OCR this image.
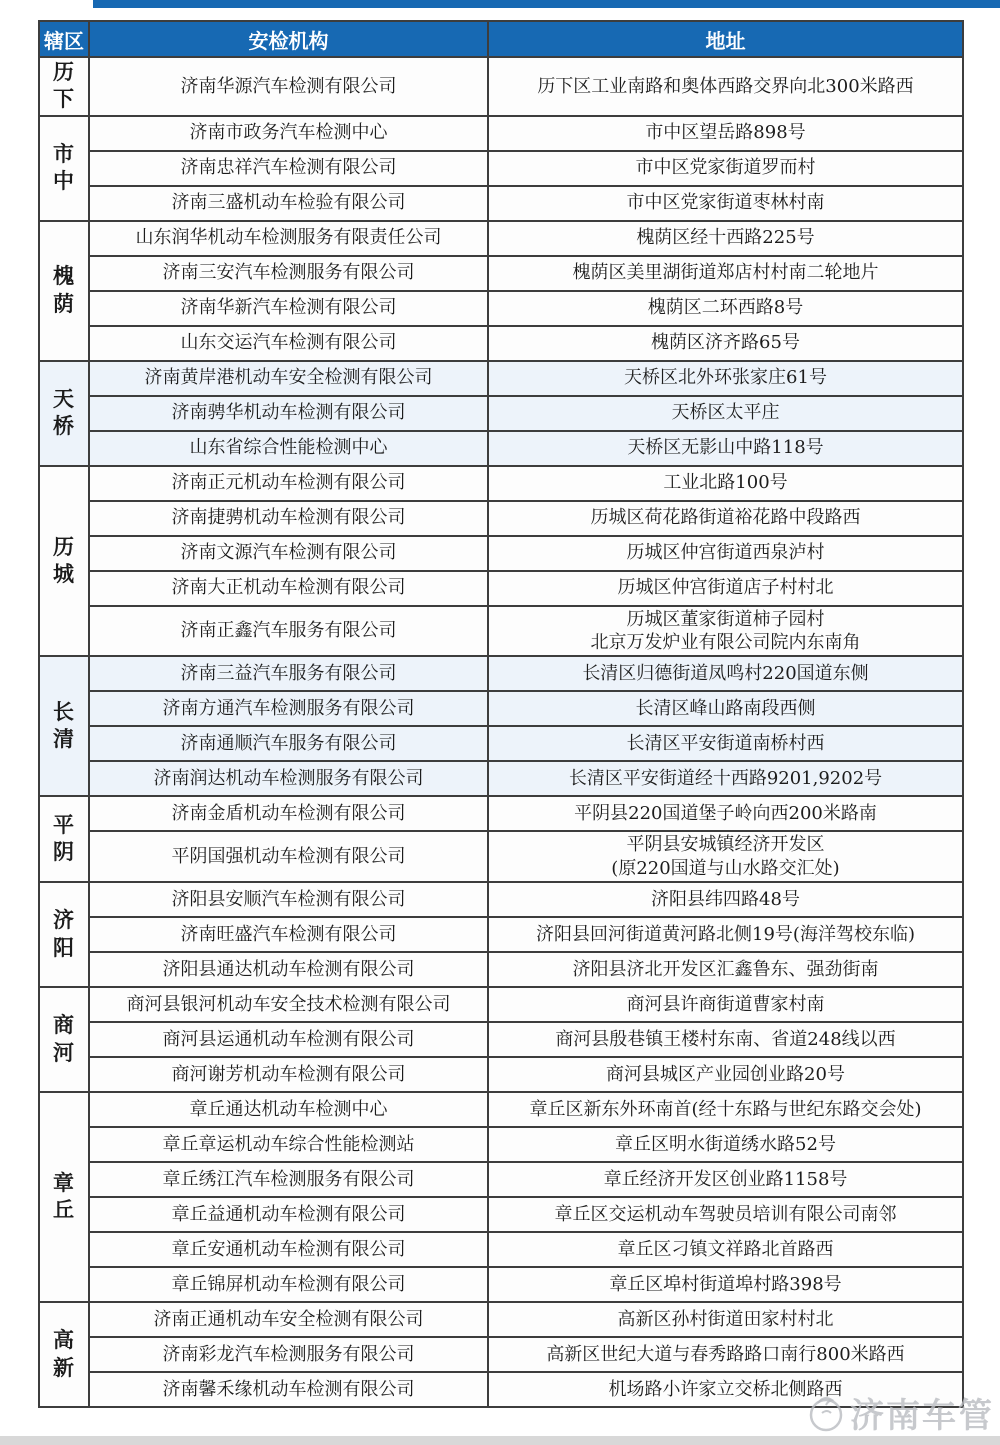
辖区	安检机构	地址
历下	济南华源汽车检测有限公司	历下区工业南路和奥体西路交界向北300米路西
市中	济南市政务汽车检测中心	市中区望岳路898号
	济南忠祥汽车检测有限公司	市中区党家街道罗而村
	济南三盛机动车检验有限公司	市中区党家街道枣林村南
槐荫	山东润华机动车检测服务有限责任公司	槐荫区经十西路225号
	济南三安汽车检测服务有限公司	槐荫区美里湖街道郑店村村南二轮地片
	济南华新汽车检测有限公司	槐荫区二环西路8号
	山东交运汽车检测有限公司	槐荫区济齐路65号
天桥	济南黄岸港机动车安全检测有限公司	天桥区北外环张家庄61号
	济南骋华机动车检测有限公司	天桥区太平庄
	山东省综合性能检测中心	天桥区无影山中路118号
历城	济南正元机动车检测有限公司	工业北路100号
	济南捷骋机动车检测有限公司	历城区荷花路街道裕花路中段路西
	济南文源汽车检测有限公司	历城区仲宫街道西泉泸村
	济南大正机动车检测有限公司	历城区仲宫街道店子村村北
	济南正鑫汽车服务有限公司	历城区董家街道柿子园村
北京万发炉业有限公司院内东南角
长清	济南三益汽车服务有限公司	长清区归德街道凤鸣村220国道东侧
	济南方通汽车检测服务有限公司	长清区峰山路南段西侧
	济南通顺汽车服务有限公司	长清区平安街道南桥村西
	济南润达机动车检测服务有限公司	长清区平安街道经十西路9201,9202号
平阴	济南金盾机动车检测有限公司	平阴县220国道堡子岭向西200米路南
	平阴国强机动车检测有限公司	平阴县安城镇经济开发区
(原220国道与山水路交汇处)
济阳	济阳县安顺汽车检测有限公司	济阳县纬四路48号
	济南旺盛汽车检测有限公司	济阳县回河街道黄河路北侧19号(海洋驾校东临)
	济阳县通达机动车检测有限公司	济阳县济北开发区汇鑫鲁东、强劲街南
商河	商河县银河机动车安全技术检测有限公司	商河县许商街道曹家村南
	商河县运通机动车检测有限公司	商河县殷巷镇王楼村东南、省道248线以西
	商河谢芳机动车检测有限公司	商河县城区产业园创业路20号
章丘	章丘通达机动车检测中心	章丘区新东外环南首(经十东路与世纪东路交会处)
	章丘章运机动车综合性能检测站	章丘区明水街道绣水路52号
	章丘绣江汽车检测服务有限公司	章丘经济开发区创业路1158号
	章丘益通机动车检测有限公司	章丘区交运机动车驾驶员培训有限公司南邻
	章丘安通机动车检测有限公司	章丘区刁镇文祥路北首路西
	章丘锦屏机动车检测有限公司	章丘区埠村街道埠村路398号
高新	济南正通机动车安全检测有限公司	高新区孙村街道田家村村北
	济南彩龙汽车检测服务有限公司	高新区世纪大道与春秀路路口南行800米路西
	济南馨禾缘机动车检测有限公司	机场路小许家立交桥北侧路西
济南车管
